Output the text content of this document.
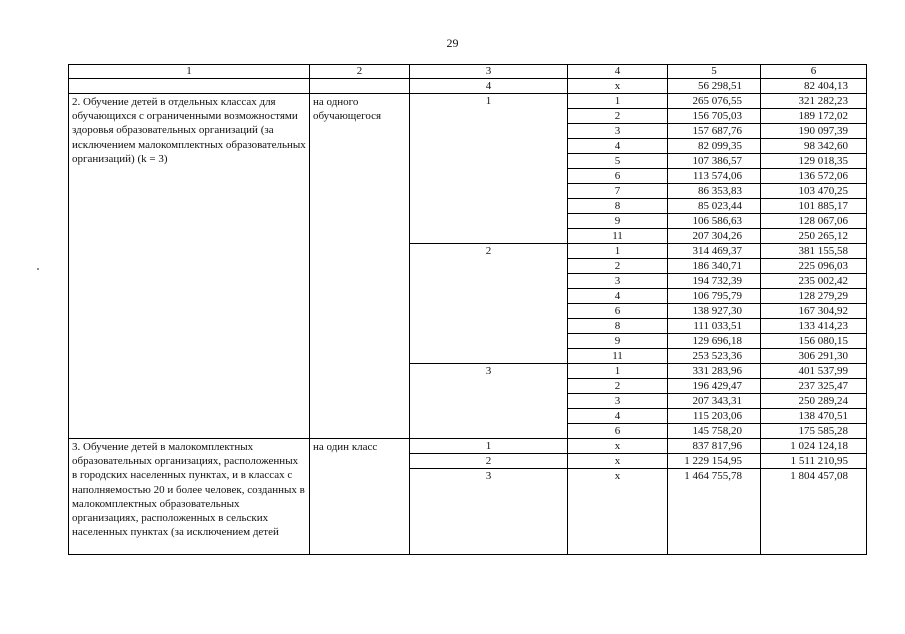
29
1	2	3	4	5	6
		4	x	56 298,51	82 404,13
2. Обучение детей в отдельных классах для обучающихся с ограниченными возможностями здоровья образовательных организаций (за исключением малокомплектных образовательных организаций) (k = 3)	на одного обучающегося	1	1	265 076,55	321 282,23
			2	156 705,03	189 172,02
			3	157 687,76	190 097,39
			4	82 099,35	98 342,60
			5	107 386,57	129 018,35
			6	113 574,06	136 572,06
			7	86 353,83	103 470,25
			8	85 023,44	101 885,17
			9	106 586,63	128 067,06
			11	207 304,26	250 265,12
		2	1	314 469,37	381 155,58
			2	186 340,71	225 096,03
			3	194 732,39	235 002,42
			4	106 795,79	128 279,29
			6	138 927,30	167 304,92
			8	111 033,51	133 414,23
			9	129 696,18	156 080,15
			11	253 523,36	306 291,30
		3	1	331 283,96	401 537,99
			2	196 429,47	237 325,47
			3	207 343,31	250 289,24
			4	115 203,06	138 470,51
			6	145 758,20	175 585,28
3. Обучение детей в малокомплектных образовательных организациях, расположенных в городских населенных пунктах, и в классах с наполняемостью 20 и более человек, созданных в малокомплектных образовательных организациях, расположенных в сельских населенных пунктах (за исключением детей	на один класс	1	x	837 817,96	1 024 124,18
		2	x	1 229 154,95	1 511 210,95
		3	x	1 464 755,78	1 804 457,08
